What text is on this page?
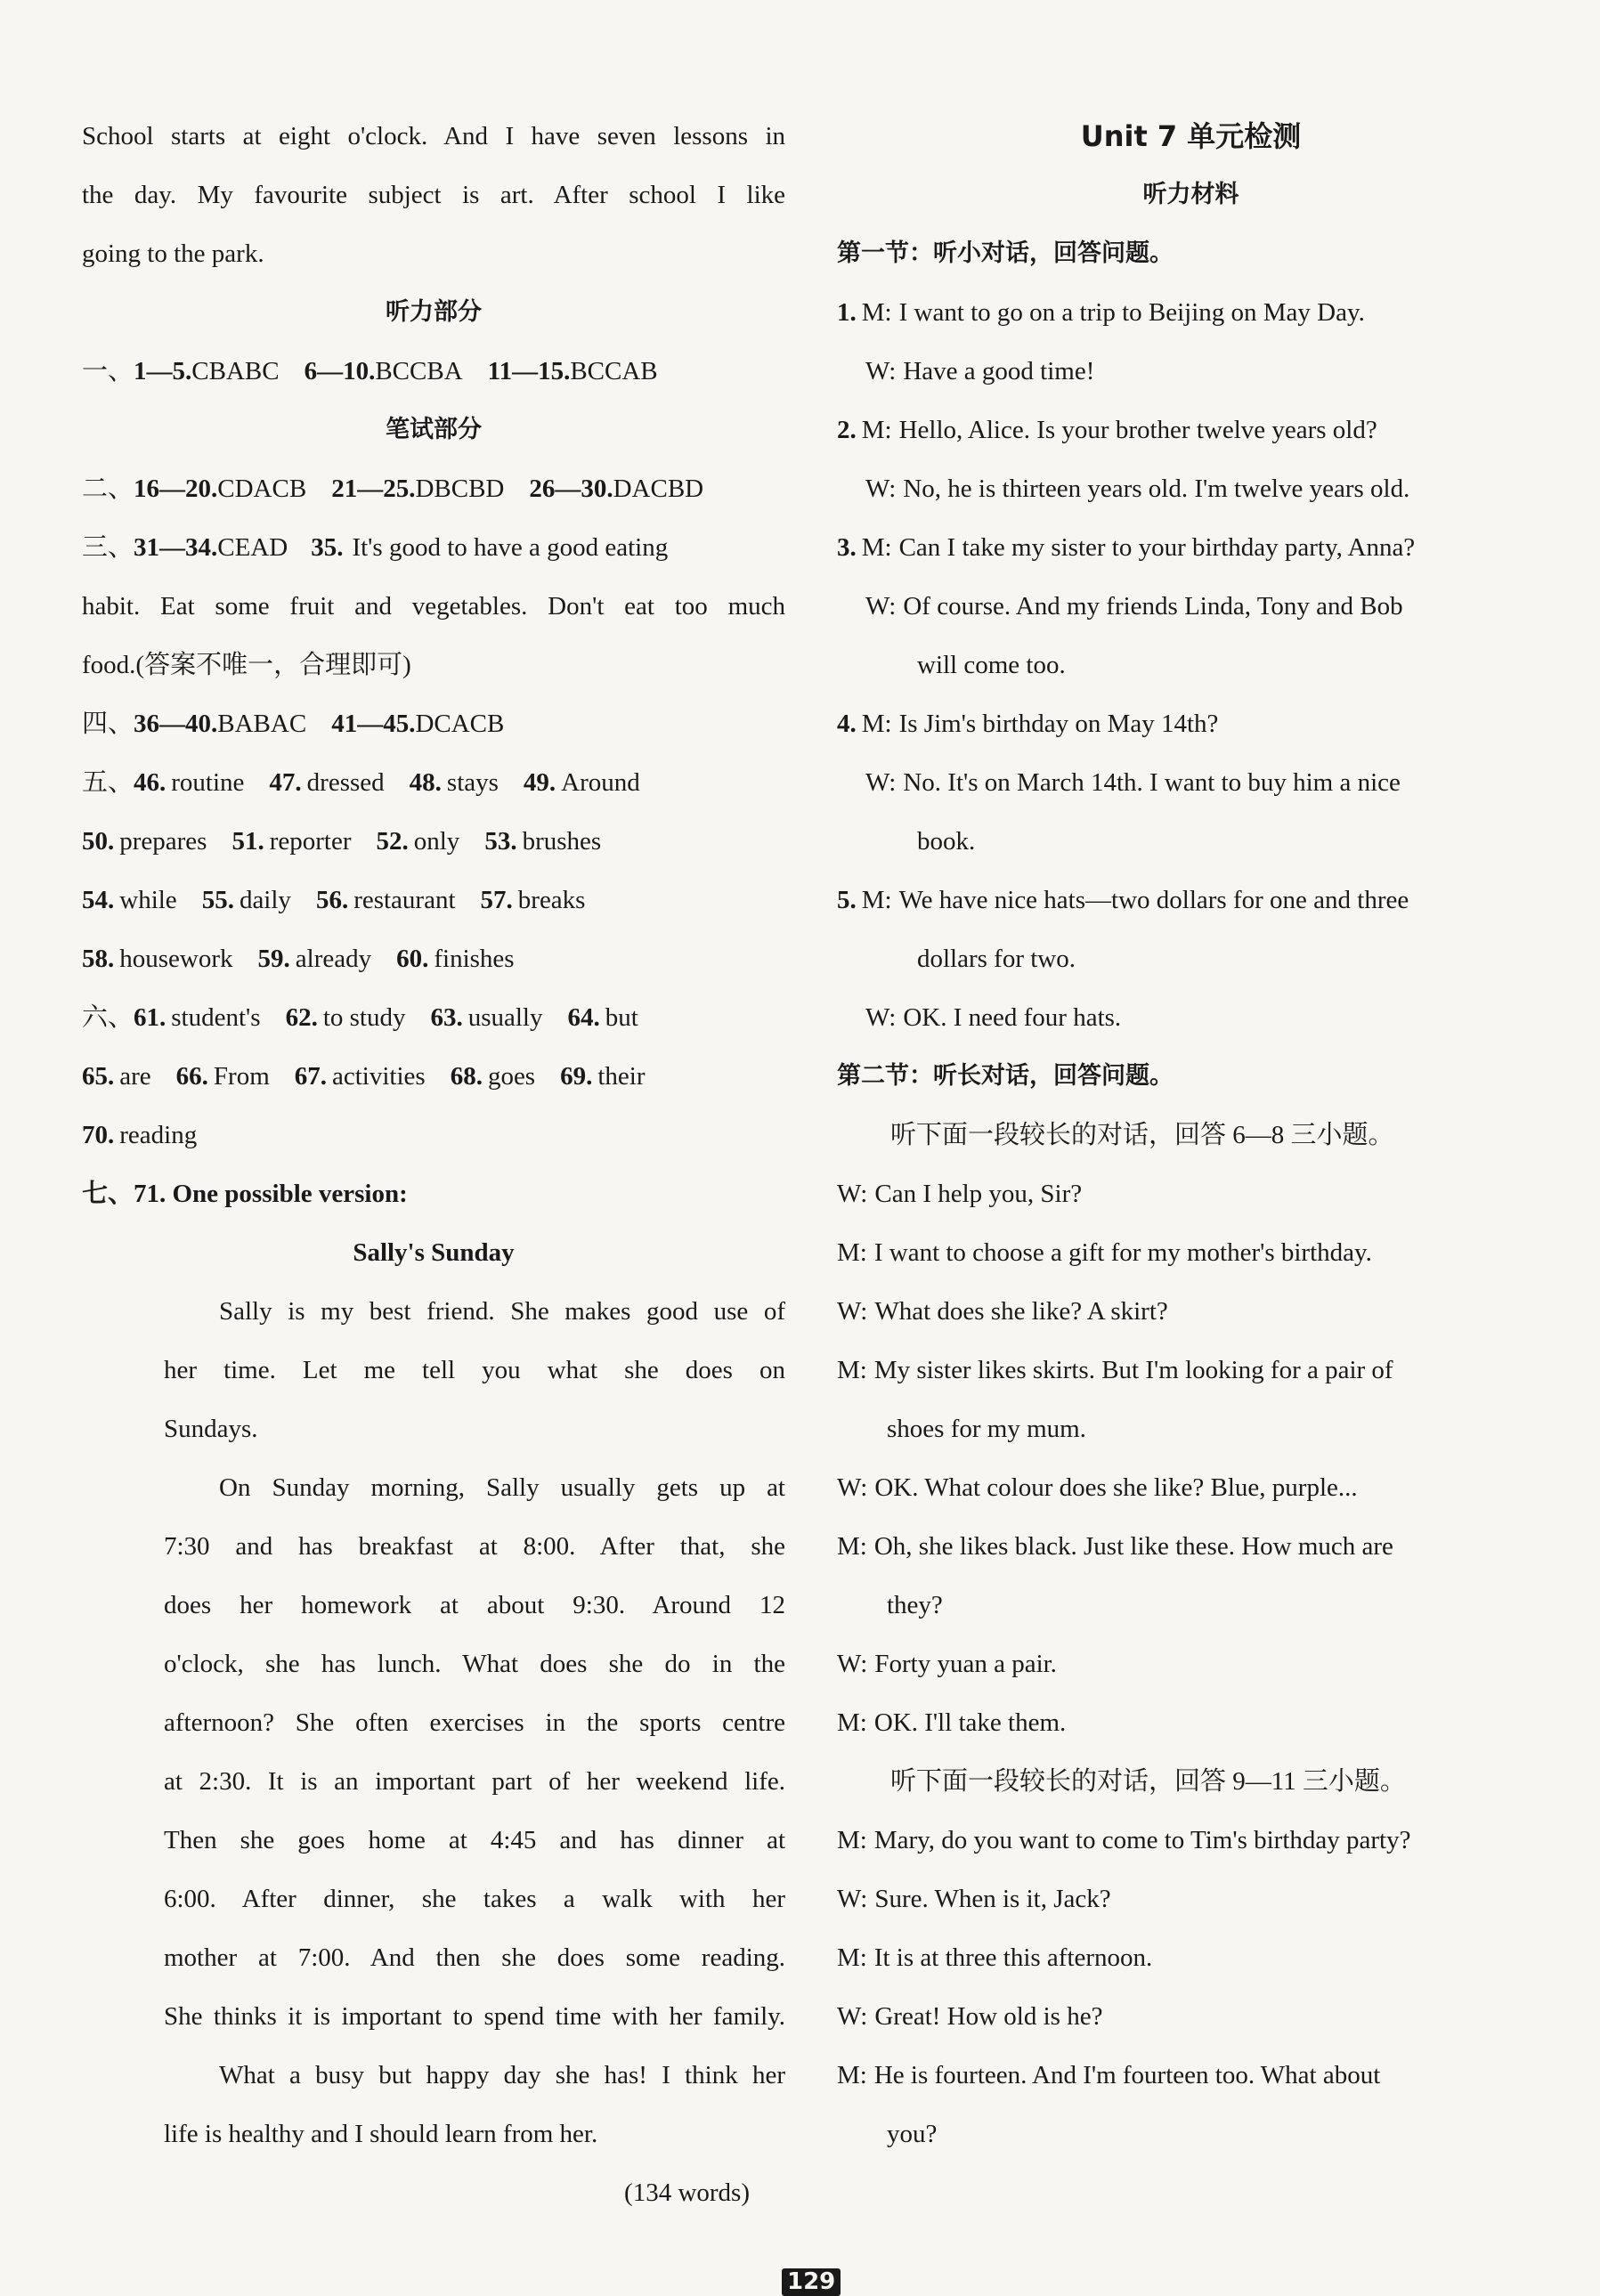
School starts at eight o'clock. And I have seven lessons in
the day. My favourite subject is art. After school I like
going to the park.
听力部分
一、1—5.CBABC 6—10.BCCBA 11—15.BCCAB
笔试部分
二、16—20.CDACB 21—25.DBCBD 26—30.DACBD
三、31—34.CEAD 35. It's good to have a good eating
habit. Eat some fruit and vegetables. Don't eat too much
food.(答案不唯一，合理即可)
四、36—40.BABAC 41—45.DCACB
五、46. routine 47. dressed 48. stays 49. Around
50. prepares 51. reporter 52. only 53. brushes
54. while 55. daily 56. restaurant 57. breaks
58. housework 59. already 60. finishes
六、61. student's 62. to study 63. usually 64. but
65. are 66. From 67. activities 68. goes 69. their
70. reading
七、71. One possible version:
Sally's Sunday
Sally is my best friend. She makes good use of
her time. Let me tell you what she does on
Sundays.
On Sunday morning, Sally usually gets up at
7:30 and has breakfast at 8:00. After that, she
does her homework at about 9:30. Around 12
o'clock, she has lunch. What does she do in the
afternoon? She often exercises in the sports centre
at 2:30. It is an important part of her weekend life.
Then she goes home at 4:45 and has dinner at
6:00. After dinner, she takes a walk with her
mother at 7:00. And then she does some reading.
She thinks it is important to spend time with her family.
What a busy but happy day she has! I think her
life is healthy and I should learn from her.
(134 words)
Unit 7 单元检测
听力材料
第一节：听小对话，回答问题。
1. M: I want to go on a trip to Beijing on May Day.
W: Have a good time!
2. M: Hello, Alice. Is your brother twelve years old?
W: No, he is thirteen years old. I'm twelve years old.
3. M: Can I take my sister to your birthday party, Anna?
W: Of course. And my friends Linda, Tony and Bob
will come too.
4. M: Is Jim's birthday on May 14th?
W: No. It's on March 14th. I want to buy him a nice
book.
5. M: We have nice hats—two dollars for one and three
dollars for two.
W: OK. I need four hats.
第二节：听长对话，回答问题。
听下面一段较长的对话，回答 6—8 三小题。
W: Can I help you, Sir?
M: I want to choose a gift for my mother's birthday.
W: What does she like? A skirt?
M: My sister likes skirts. But I'm looking for a pair of
shoes for my mum.
W: OK. What colour does she like? Blue, purple...
M: Oh, she likes black. Just like these. How much are
they?
W: Forty yuan a pair.
M: OK. I'll take them.
听下面一段较长的对话，回答 9—11 三小题。
M: Mary, do you want to come to Tim's birthday party?
W: Sure. When is it, Jack?
M: It is at three this afternoon.
W: Great! How old is he?
M: He is fourteen. And I'm fourteen too. What about
you?
129
